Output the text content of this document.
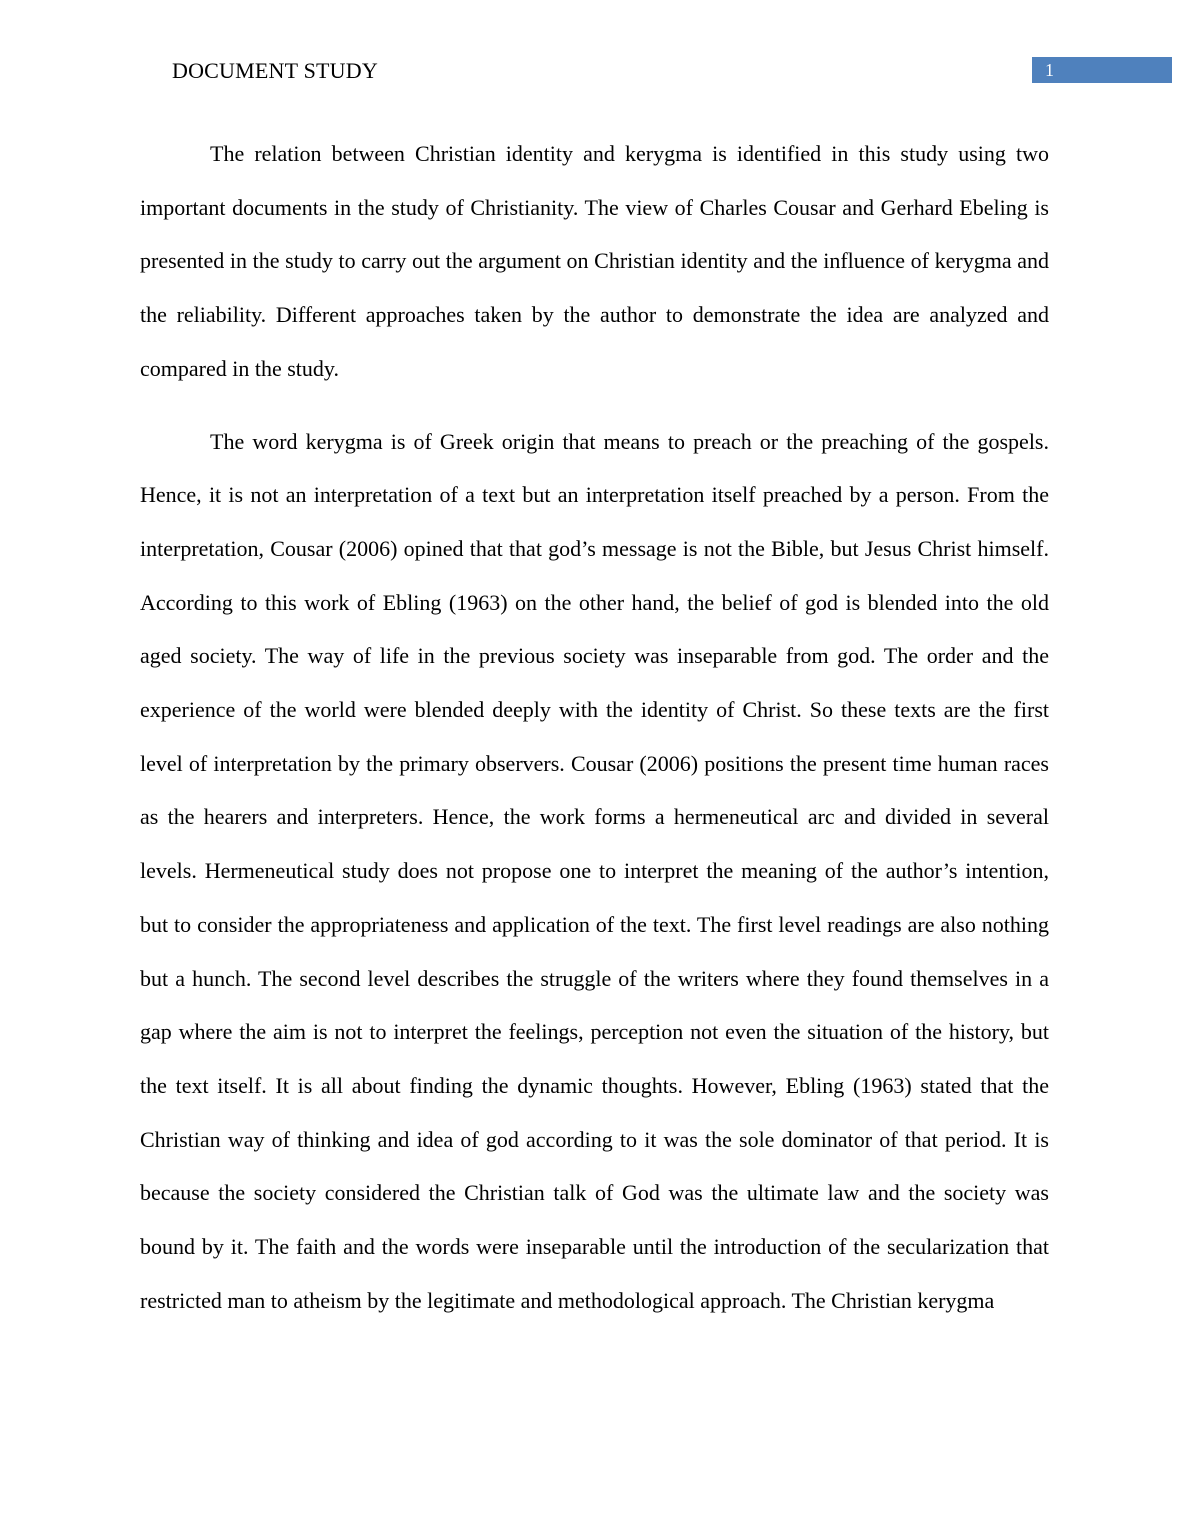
DOCUMENT STUDY	1

The relation between Christian identity and kerygma is identified in this study using two important documents in the study of Christianity. The view of Charles Cousar and Gerhard Ebeling is presented in the study to carry out the argument on Christian identity and the influence of kerygma and the reliability. Different approaches taken by the author to demonstrate the idea are analyzed and compared in the study.

The word kerygma is of Greek origin that means to preach or the preaching of the gospels. Hence, it is not an interpretation of a text but an interpretation itself preached by a person. From the interpretation, Cousar (2006) opined that that god’s message is not the Bible, but Jesus Christ himself. According to this work of Ebling (1963) on the other hand, the belief of god is blended into the old aged society. The way of life in the previous society was inseparable from god. The order and the experience of the world were blended deeply with the identity of Christ. So these texts are the first level of interpretation by the primary observers. Cousar (2006) positions the present time human races as the hearers and interpreters. Hence, the work forms a hermeneutical arc and divided in several levels. Hermeneutical study does not propose one to interpret the meaning of the author’s intention, but to consider the appropriateness and application of the text. The first level readings are also nothing but a hunch. The second level describes the struggle of the writers where they found themselves in a gap where the aim is not to interpret the feelings, perception not even the situation of the history, but the text itself. It is all about finding the dynamic thoughts. However, Ebling (1963) stated that the Christian way of thinking and idea of god according to it was the sole dominator of that period. It is because the society considered the Christian talk of God was the ultimate law and the society was bound by it. The faith and the words were inseparable until the introduction of the secularization that restricted man to atheism by the legitimate and methodological approach. The Christian kerygma
